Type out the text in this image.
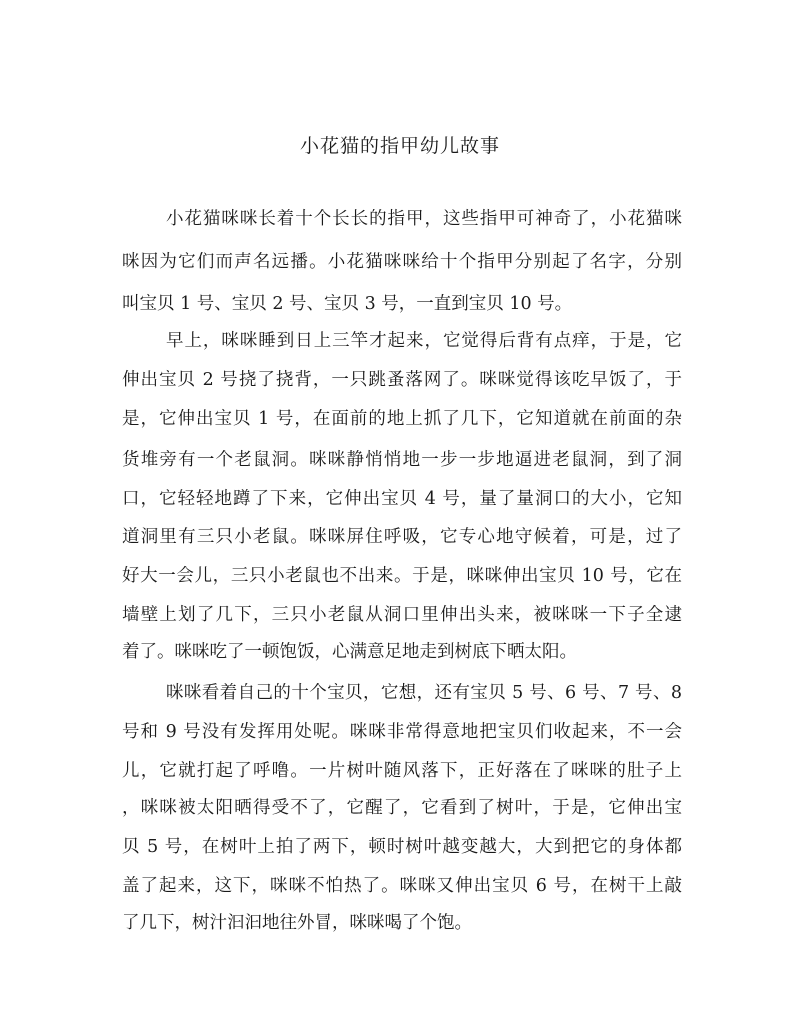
小花猫的指甲幼儿故事
小花猫咪咪长着十个长长的指甲，这些指甲可神奇了，小花猫咪
咪因为它们而声名远播。小花猫咪咪给十个指甲分别起了名字，分别
叫宝贝 1 号、宝贝 2 号、宝贝 3 号，一直到宝贝 10 号。
早上，咪咪睡到日上三竿才起来，它觉得后背有点痒，于是，它
伸出宝贝 2 号挠了挠背，一只跳蚤落网了。咪咪觉得该吃早饭了，于
是，它伸出宝贝 1 号，在面前的地上抓了几下，它知道就在前面的杂
货堆旁有一个老鼠洞。咪咪静悄悄地一步一步地逼进老鼠洞，到了洞
口，它轻轻地蹲了下来，它伸出宝贝 4 号，量了量洞口的大小，它知
道洞里有三只小老鼠。咪咪屏住呼吸，它专心地守候着，可是，过了
好大一会儿，三只小老鼠也不出来。于是，咪咪伸出宝贝 10 号，它在
墙壁上划了几下，三只小老鼠从洞口里伸出头来，被咪咪一下子全逮
着了。咪咪吃了一顿饱饭，心满意足地走到树底下晒太阳。
咪咪看着自己的十个宝贝，它想，还有宝贝 5 号、6 号、7 号、8
号和 9 号没有发挥用处呢。咪咪非常得意地把宝贝们收起来，不一会
儿，它就打起了呼噜。一片树叶随风落下，正好落在了咪咪的肚子上
，咪咪被太阳晒得受不了，它醒了，它看到了树叶，于是，它伸出宝
贝 5 号，在树叶上拍了两下，顿时树叶越变越大，大到把它的身体都
盖了起来，这下，咪咪不怕热了。咪咪又伸出宝贝 6 号，在树干上敲
了几下，树汁汩汩地往外冒，咪咪喝了个饱。
